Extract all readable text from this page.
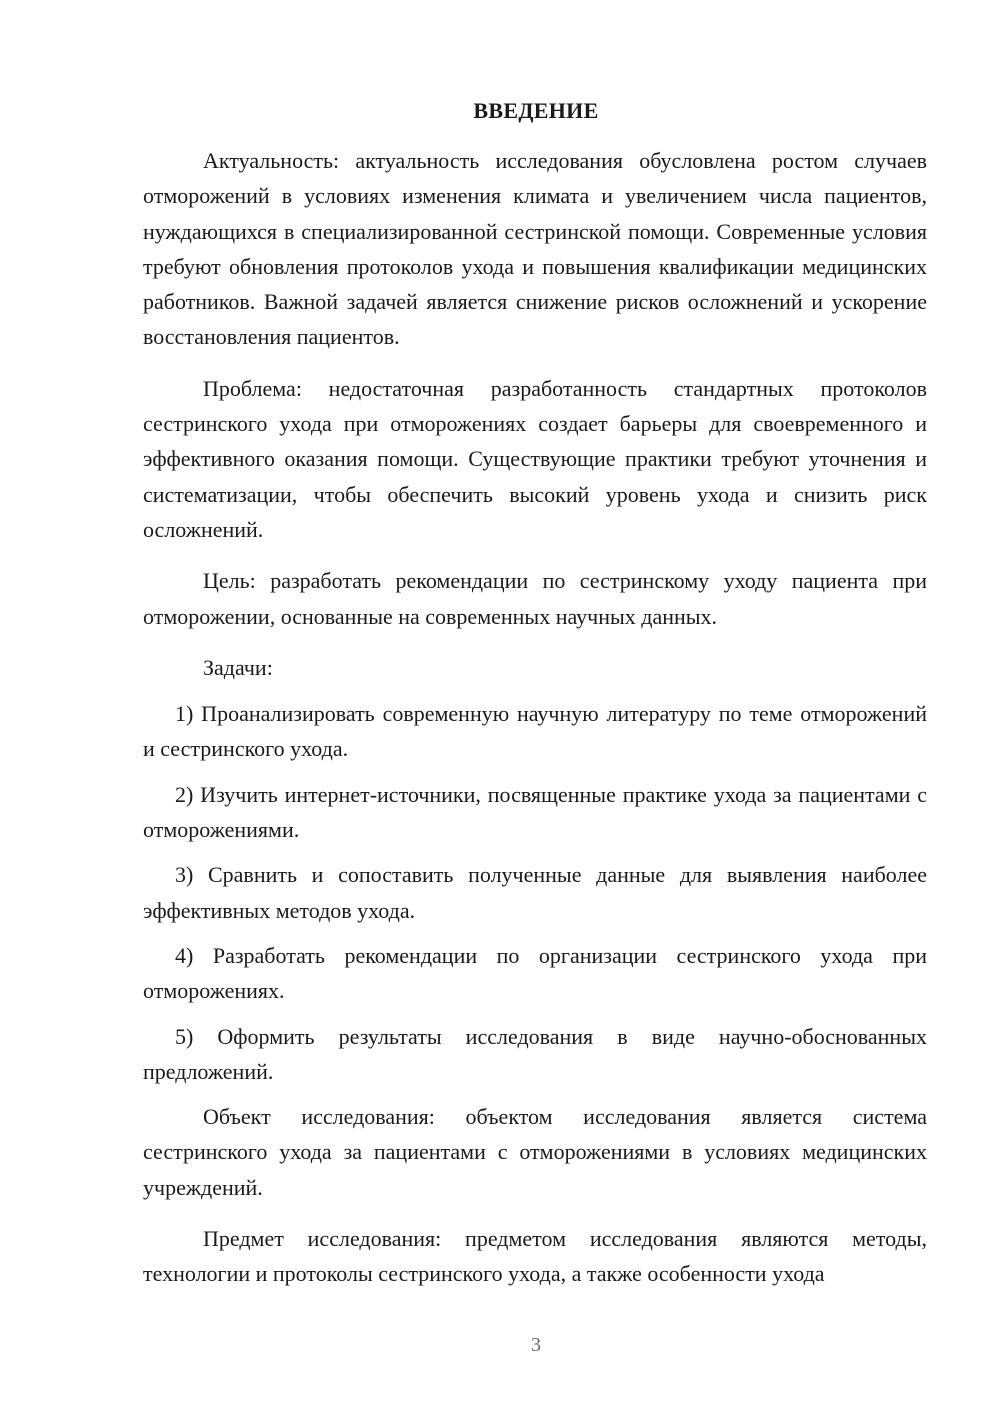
ВВЕДЕНИЕ

Актуальность: актуальность исследования обусловлена ростом случаев отморожений в условиях изменения климата и увеличением числа пациентов, нуждающихся в специализированной сестринской помощи. Современные условия требуют обновления протоколов ухода и повышения квалификации медицинских работников. Важной задачей является снижение рисков осложнений и ускорение восстановления пациентов.

Проблема: недостаточная разработанность стандартных протоколов сестринского ухода при отморожениях создает барьеры для своевременного и эффективного оказания помощи. Существующие практики требуют уточнения и систематизации, чтобы обеспечить высокий уровень ухода и снизить риск осложнений.

Цель: разработать рекомендации по сестринскому уходу пациента при отморожении, основанные на современных научных данных.

Задачи:

1) Проанализировать современную научную литературу по теме отморожений и сестринского ухода.

2) Изучить интернет-источники, посвященные практике ухода за пациентами с отморожениями.

3) Сравнить и сопоставить полученные данные для выявления наиболее эффективных методов ухода.

4) Разработать рекомендации по организации сестринского ухода при отморожениях.

5) Оформить результаты исследования в виде научно-обоснованных предложений.

Объект исследования: объектом исследования является система сестринского ухода за пациентами с отморожениями в условиях медицинских учреждений.

Предмет исследования: предметом исследования являются методы, технологии и протоколы сестринского ухода, а также особенности ухода

3
